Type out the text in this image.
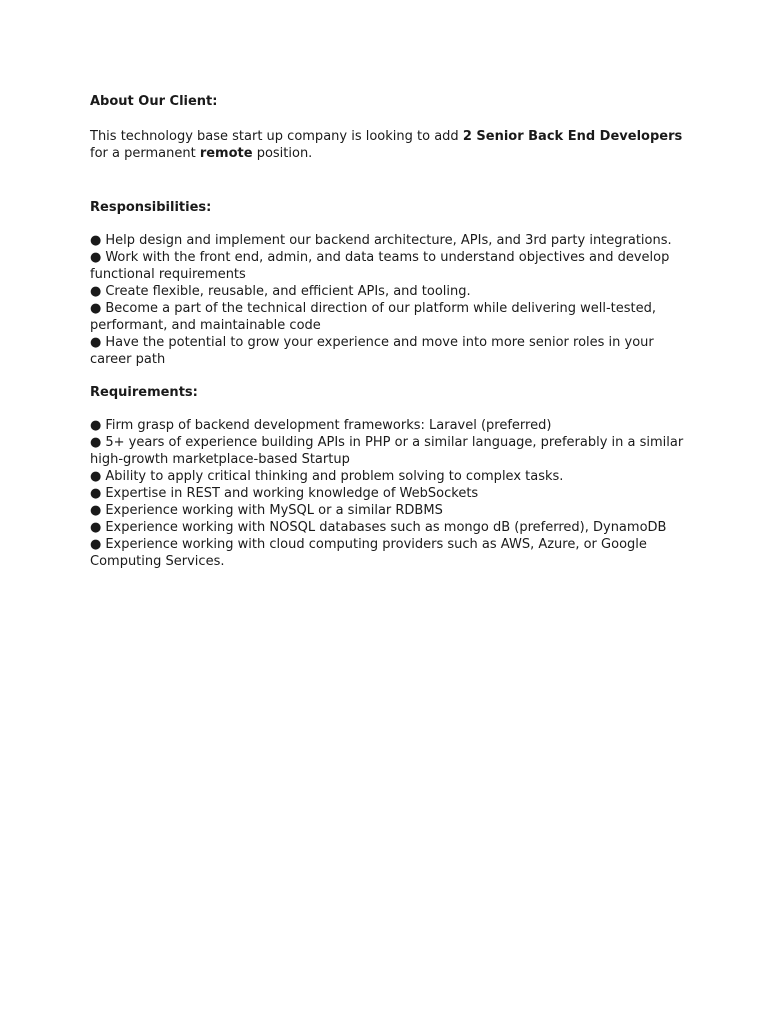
About Our Client:

This technology base start up company is looking to add 2 Senior Back End Developers
for a permanent remote position.

Responsibilities:

● Help design and implement our backend architecture, APIs, and 3rd party integrations.
● Work with the front end, admin, and data teams to understand objectives and develop functional requirements
● Create flexible, reusable, and efficient APIs, and tooling.
● Become a part of the technical direction of our platform while delivering well-tested, performant, and maintainable code
● Have the potential to grow your experience and move into more senior roles in your career path

Requirements:

● Firm grasp of backend development frameworks: Laravel (preferred)
● 5+ years of experience building APIs in PHP or a similar language, preferably in a similar high-growth marketplace-based Startup
● Ability to apply critical thinking and problem solving to complex tasks.
● Expertise in REST and working knowledge of WebSockets
● Experience working with MySQL or a similar RDBMS
● Experience working with NOSQL databases such as mongo dB (preferred), DynamoDB
● Experience working with cloud computing providers such as AWS, Azure, or Google Computing Services.
